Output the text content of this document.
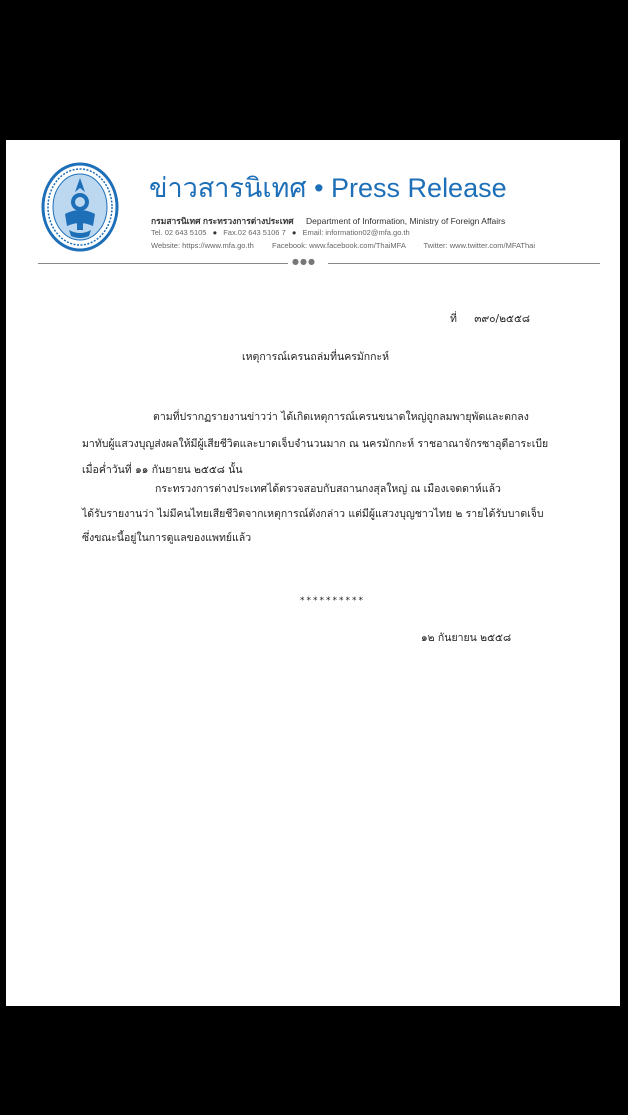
ข่าวสารนิเทศ • Press Release
กรมสารนิเทศ กระทรวงการต่างประเทศ Department of Information, Ministry of Foreign Affairs
Tel. 02 643 5105 ● Fax.02 643 5106 7 ● Email: information02@mfa.go.th
Website: https://www.mfa.go.th Facebook: www.facebook.com/ThaiMFA Twitter: www.twitter.com/MFAThai
●●●
ที่ ๓๙๐/๒๕๕๘
เหตุการณ์เครนถล่มที่นครมักกะห์
ตามที่ปรากฏรายงานข่าวว่า ได้เกิดเหตุการณ์เครนขนาดใหญ่ถูกลมพายุพัดและตกลง
มาทับผู้แสวงบุญส่งผลให้มีผู้เสียชีวิตและบาดเจ็บจำนวนมาก ณ นครมักกะห์ ราชอาณาจักรซาอุดีอาระเบีย
เมื่อค่ำวันที่ ๑๑ กันยายน ๒๕๕๘ นั้น
กระทรวงการต่างประเทศได้ตรวจสอบกับสถานกงสุลใหญ่ ณ เมืองเจดดาห์แล้ว
ได้รับรายงานว่า ไม่มีคนไทยเสียชีวิตจากเหตุการณ์ดังกล่าว แต่มีผู้แสวงบุญชาวไทย ๒ รายได้รับบาดเจ็บ
ซึ่งขณะนี้อยู่ในการดูแลของแพทย์แล้ว
**********
๑๒ กันยายน ๒๕๕๘
